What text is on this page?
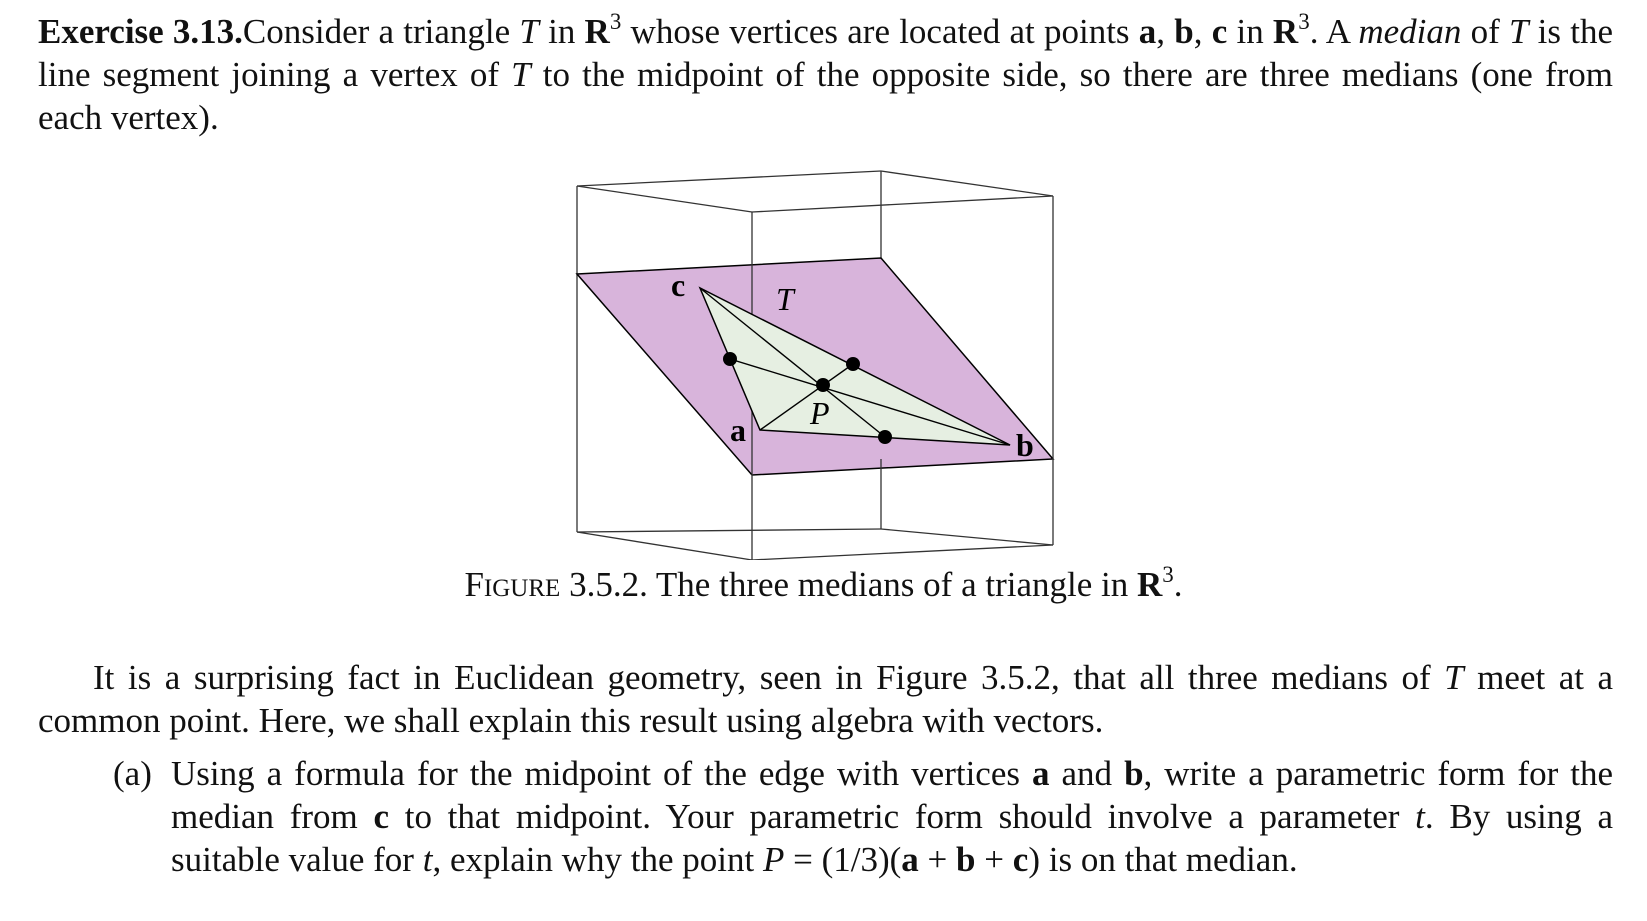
Exercise 3.13.Consider a triangle T in $R^3$ whose vertices are located at points a, b, c in $R^3$. A median of T is the line segment joining a vertex of T to the midpoint of the opposite side, so there are three medians (one from each vertex).
c	T
P
a	b
Figure 3.5.2. The three medians of a triangle in $R^3$.
It is a surprising fact in Euclidean geometry, seen in Figure 3.5.2, that all three medians of T meet at a common point. Here, we shall explain this result using algebra with vectors.
(a) Using a formula for the midpoint of the edge with vertices a and b, write a parametric form for the median from c to that midpoint. Your parametric form should involve a parameter t. By using a suitable value for t, explain why the point P = (1/3)(a + b + c) is on that median.
